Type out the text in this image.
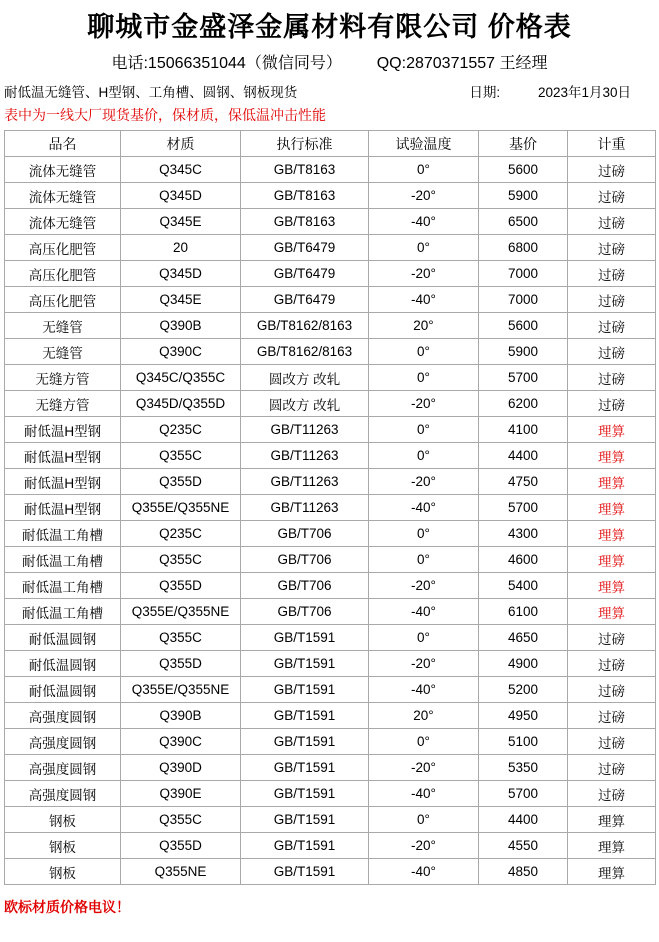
聊城市金盛泽金属材料有限公司 价格表
电话:15066351044（微信同号） QQ:2870371557 王经理
耐低温无缝管、H型钢、工角槽、圆钢、钢板现货	日期:	2023年1月30日
表中为一线大厂现货基价，保材质，保低温冲击性能
品名	材质	执行标准	试验温度	基价	计重
流体无缝管	Q345C	GB/T8163	0°	5600	过磅
流体无缝管	Q345D	GB/T8163	-20°	5900	过磅
流体无缝管	Q345E	GB/T8163	-40°	6500	过磅
高压化肥管	20	GB/T6479	0°	6800	过磅
高压化肥管	Q345D	GB/T6479	-20°	7000	过磅
高压化肥管	Q345E	GB/T6479	-40°	7000	过磅
无缝管	Q390B	GB/T8162/8163	20°	5600	过磅
无缝管	Q390C	GB/T8162/8163	0°	5900	过磅
无缝方管	Q345C/Q355C	圆改方 改轧	0°	5700	过磅
无缝方管	Q345D/Q355D	圆改方 改轧	-20°	6200	过磅
耐低温H型钢	Q235C	GB/T11263	0°	4100	理算
耐低温H型钢	Q355C	GB/T11263	0°	4400	理算
耐低温H型钢	Q355D	GB/T11263	-20°	4750	理算
耐低温H型钢	Q355E/Q355NE	GB/T11263	-40°	5700	理算
耐低温工角槽	Q235C	GB/T706	0°	4300	理算
耐低温工角槽	Q355C	GB/T706	0°	4600	理算
耐低温工角槽	Q355D	GB/T706	-20°	5400	理算
耐低温工角槽	Q355E/Q355NE	GB/T706	-40°	6100	理算
耐低温圆钢	Q355C	GB/T1591	0°	4650	过磅
耐低温圆钢	Q355D	GB/T1591	-20°	4900	过磅
耐低温圆钢	Q355E/Q355NE	GB/T1591	-40°	5200	过磅
高强度圆钢	Q390B	GB/T1591	20°	4950	过磅
高强度圆钢	Q390C	GB/T1591	0°	5100	过磅
高强度圆钢	Q390D	GB/T1591	-20°	5350	过磅
高强度圆钢	Q390E	GB/T1591	-40°	5700	过磅
钢板	Q355C	GB/T1591	0°	4400	理算
钢板	Q355D	GB/T1591	-20°	4550	理算
钢板	Q355NE	GB/T1591	-40°	4850	理算
欧标材质价格电议！
